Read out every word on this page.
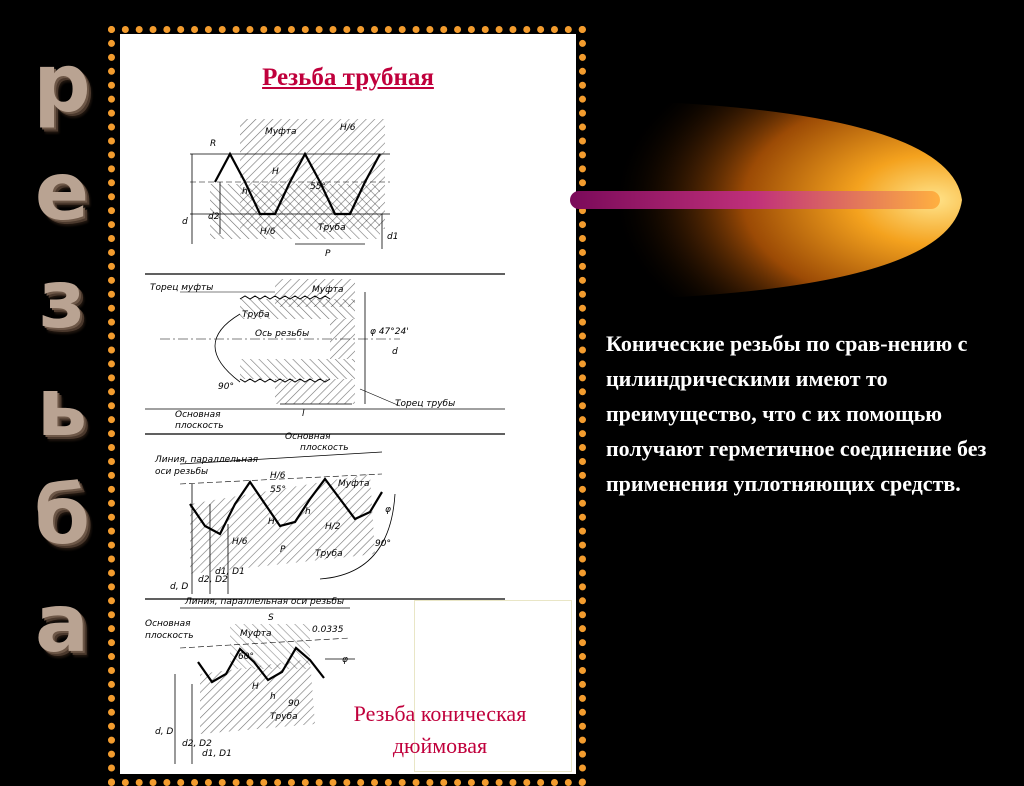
р
е
з
ь
б
а
Муфта	H/6
R
55°
h
H
d d2
H/6	Труба
P
d1
Торец муфты	Муфта
Труба
Ось резьбы	φ 47°24'
d
90°
Основная
плоскость
l
Торец трубы
Линия, параллельная
оси резьбы
Основная
плоскость
H/6
55°
Муфта
φ
H
h
H/2
H/6
P	Труба
90°
d, D
d2, D2
d1, D1
Линия, параллельная оси резьбы
S
Основная
плоскость	Муфта	0.0335
60°	φ
H
h
90
Труба
d, D
d2, D2
d1, D1
Резьба трубная
Резьба коническая дюймовая
Конические резьбы по срав-нению с цилиндрическими имеют то преимущество, что с их помощью получают герметичное соединение без применения уплотняющих средств.
